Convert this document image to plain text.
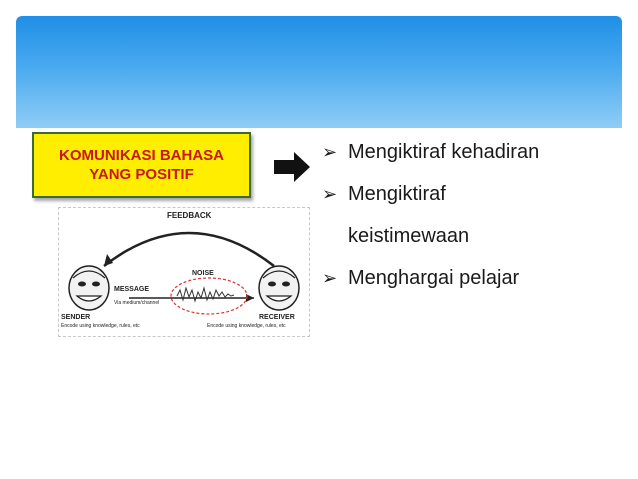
KOMUNIKASI BAHASA
YANG POSITIF
➢ Mengiktiraf kehadiran
➢ Mengiktiraf
keistimewaan
➢ Menghargai pelajar
FEEDBACK
NOISE
MESSAGE
Via medium/channel
SENDER
Encode using knowledge, rules, etc
RECEIVER
Encode using knowledge, rules, etc
